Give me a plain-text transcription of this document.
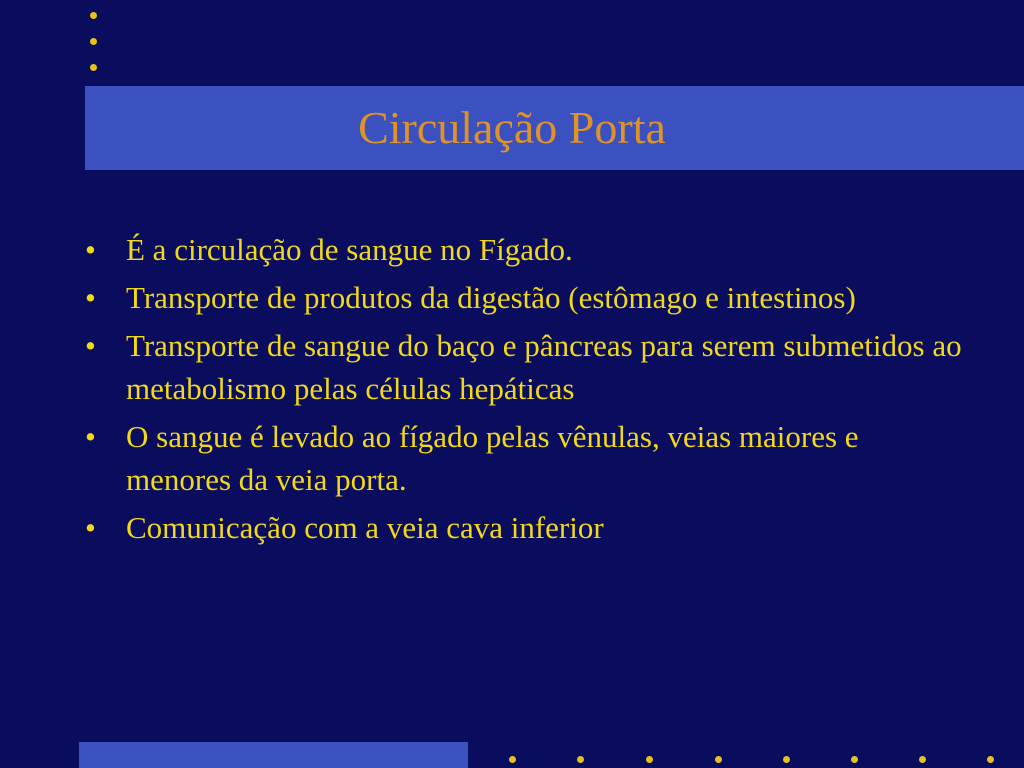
Circulação Porta
• É a circulação de sangue no Fígado.
• Transporte de produtos da digestão (estômago e intestinos)
• Transporte de sangue do baço e pâncreas para serem submetidos ao metabolismo pelas células hepáticas
• O sangue é levado ao fígado pelas vênulas, veias maiores e menores da veia porta.
• Comunicação com a veia cava inferior
